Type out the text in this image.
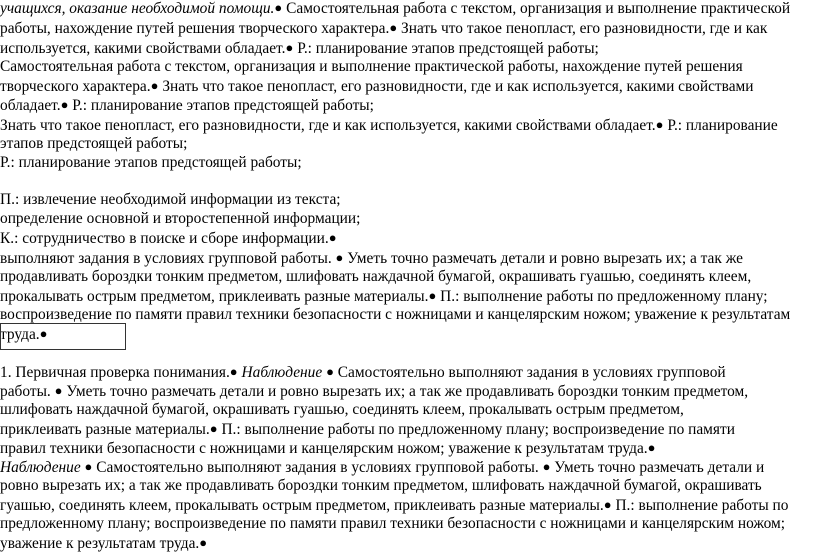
учащихся, оказание необходимой помощи.● Самостоятельная работа с текстом, организация и выполнение практической
работы, нахождение путей решения творческого характера.● Знать что такое пенопласт, его разновидности, где и как
используется, какими свойствами обладает.● Р.: планирование этапов предстоящей работы;
Самостоятельная работа с текстом, организация и выполнение практической работы, нахождение путей решения
творческого характера.● Знать что такое пенопласт, его разновидности, где и как используется, какими свойствами
обладает.● Р.: планирование этапов предстоящей работы;
Знать что такое пенопласт, его разновидности, где и как используется, какими свойствами обладает.● Р.: планирование
этапов предстоящей работы;
Р.: планирование этапов предстоящей работы;
П.: извлечение необходимой информации из текста;
определение основной и второстепенной информации;
К.: сотрудничество в поиске и сборе информации.●
выполняют задания в условиях групповой работы. ● Уметь точно размечать детали и ровно вырезать их; а так же
продавливать бороздки тонким предметом, шлифовать наждачной бумагой, окрашивать гуашью, соединять клеем,
прокалывать острым предметом, приклеивать разные материалы.● П.: выполнение работы по предложенному плану;
воспроизведение по памяти правил техники безопасности с ножницами и канцелярским ножом; уважение к результатам
труда.●
1. Первичная проверка понимания.● Наблюдение ● Самостоятельно выполняют задания в условиях групповой
работы. ● Уметь точно размечать детали и ровно вырезать их; а так же продавливать бороздки тонким предметом,
шлифовать наждачной бумагой, окрашивать гуашью, соединять клеем, прокалывать острым предметом,
приклеивать разные материалы.● П.: выполнение работы по предложенному плану; воспроизведение по памяти
правил техники безопасности с ножницами и канцелярским ножом; уважение к результатам труда.●
Наблюдение ● Самостоятельно выполняют задания в условиях групповой работы. ● Уметь точно размечать детали и
ровно вырезать их; а так же продавливать бороздки тонким предметом, шлифовать наждачной бумагой, окрашивать
гуашью, соединять клеем, прокалывать острым предметом, приклеивать разные материалы.● П.: выполнение работы по
предложенному плану; воспроизведение по памяти правил техники безопасности с ножницами и канцелярским ножом;
уважение к результатам труда.●
